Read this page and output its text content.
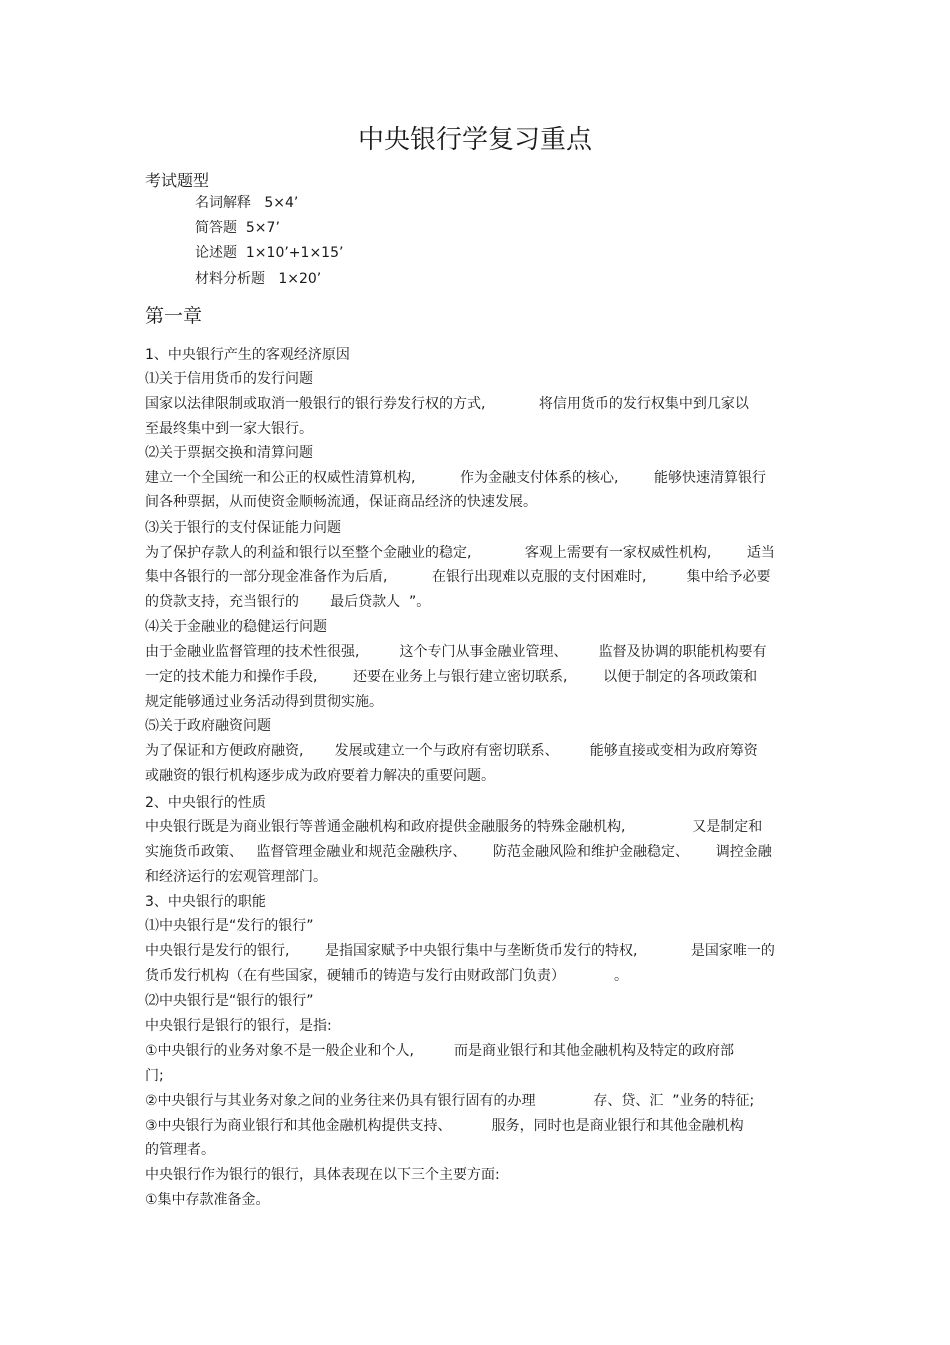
中央银行学复习重点
考试题型
名词解释   5×4’
简答题  5×7’
论述题  1×10’+1×15’
材料分析题   1×20’
第一章
1、中央银行产生的客观经济原因
⑴关于信用货币的发行问题
国家以法律限制或取消一般银行的银行券发行权的方式,            将信用货币的发行权集中到几家以
至最终集中到一家大银行。
⑵关于票据交换和清算问题
建立一个全国统一和公正的权威性清算机构,          作为金融支付体系的核心,        能够快速清算银行
间各种票据，从而使资金顺畅流通，保证商品经济的快速发展。
⑶关于银行的支付保证能力问题
为了保护存款人的利益和银行以至整个金融业的稳定,            客观上需要有一家权威性机构,        适当
集中各银行的一部分现金准备作为后盾,          在银行出现难以克服的支付困难时,         集中给予必要
的贷款支持，充当银行的       最后贷款人  ”。
⑷关于金融业的稳健运行问题
由于金融业监督管理的技术性很强,         这个专门从事金融业管理、       监督及协调的职能机构要有
一定的技术能力和操作手段,        还要在业务上与银行建立密切联系,        以便于制定的各项政策和
规定能够通过业务活动得到贯彻实施。
⑸关于政府融资问题
为了保证和方便政府融资,       发展或建立一个与政府有密切联系、       能够直接或变相为政府筹资
或融资的银行机构逐步成为政府要着力解决的重要问题。
2、中央银行的性质
中央银行既是为商业银行等普通金融机构和政府提供金融服务的特殊金融机构,               又是制定和
实施货币政策、   监督管理金融业和规范金融秩序、      防范金融风险和维护金融稳定、      调控金融
和经济运行的宏观管理部门。
3、中央银行的职能
⑴中央银行是“发行的银行”
中央银行是发行的银行,        是指国家赋予中央银行集中与垄断货币发行的特权,            是国家唯一的
货币发行机构（在有些国家，硬辅币的铸造与发行由财政部门负责）           。
⑵中央银行是“银行的银行”
中央银行是银行的银行，是指:
①中央银行的业务对象不是一般企业和个人,         而是商业银行和其他金融机构及特定的政府部
门;
②中央银行与其业务对象之间的业务往来仍具有银行固有的办理             存、贷、汇  ”业务的特征;
③中央银行为商业银行和其他金融机构提供支持、         服务，同时也是商业银行和其他金融机构
的管理者。
中央银行作为银行的银行，具体表现在以下三个主要方面:
①集中存款准备金。
